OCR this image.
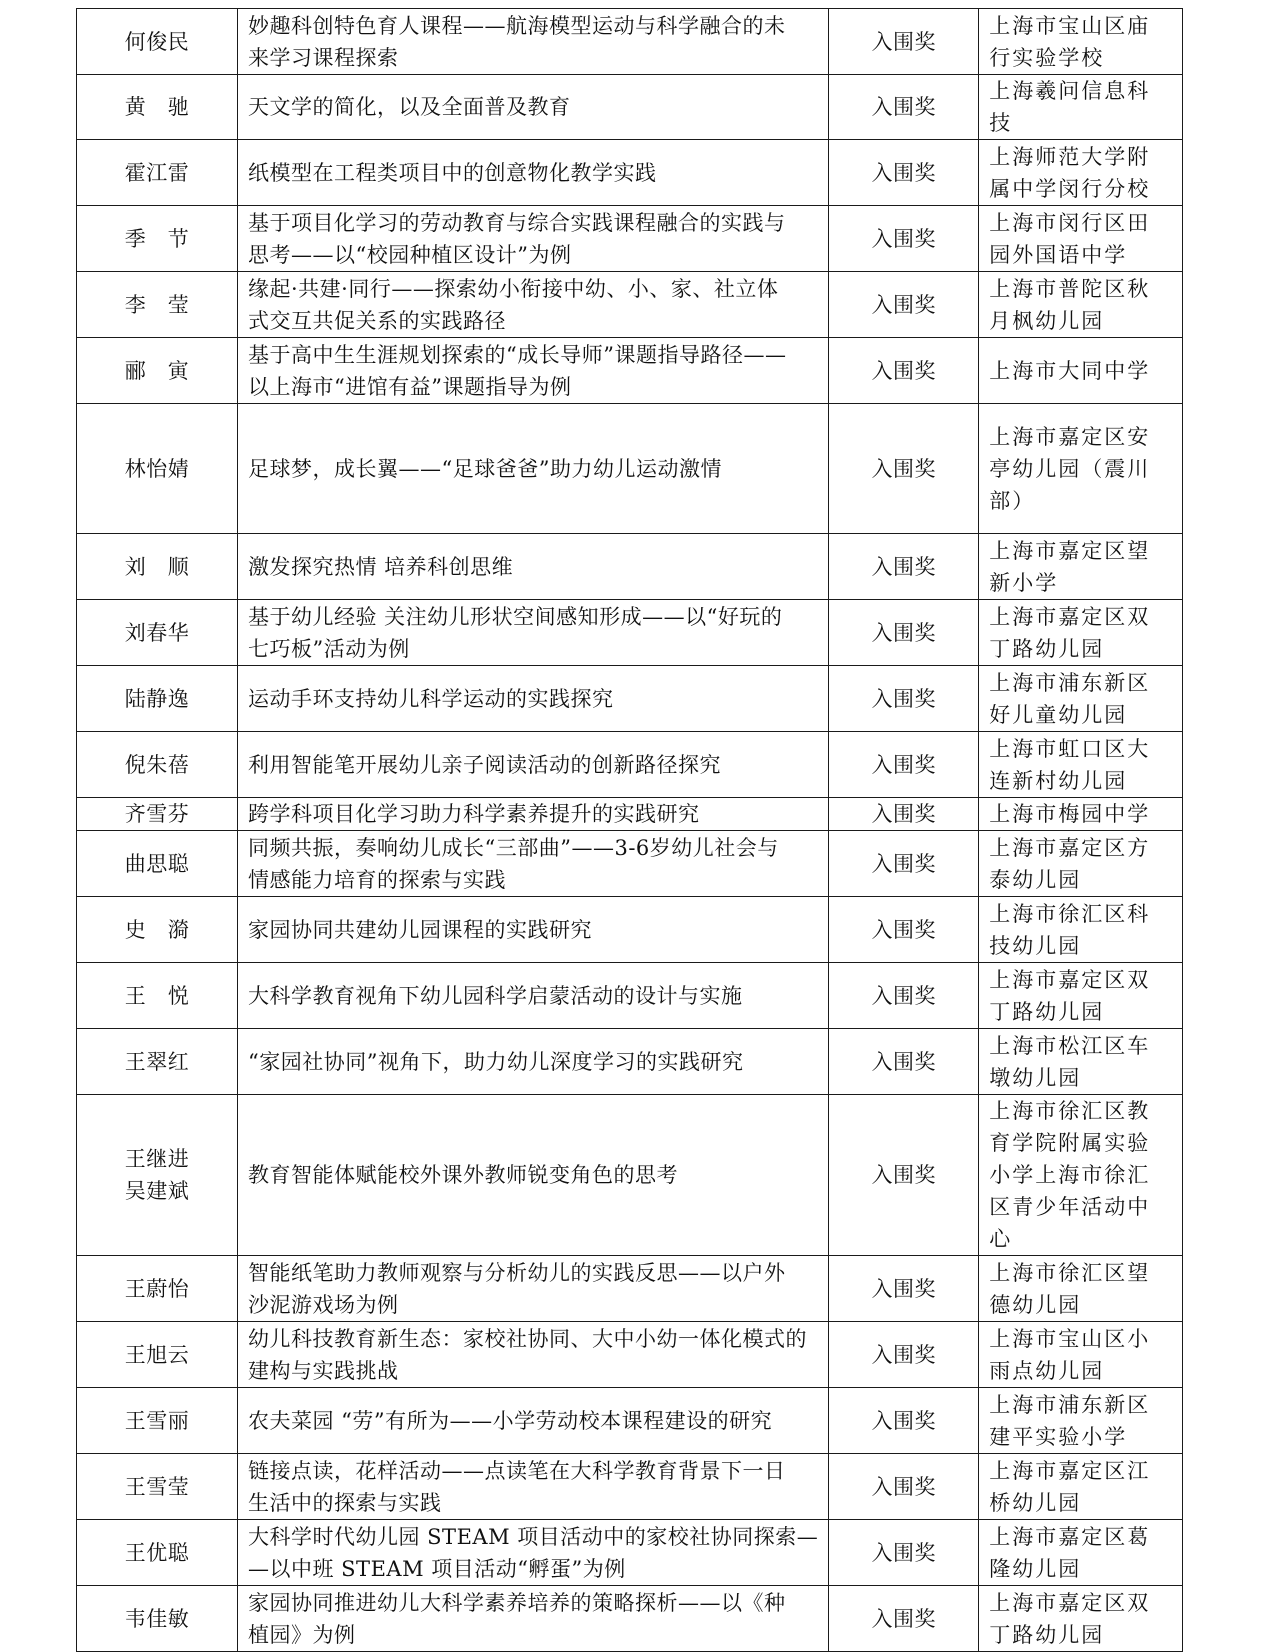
何俊民	妙趣科创特色育人课程——航海模型运动与科学融合的未
来学习课程探索	入围奖	上海市宝山区庙行实验学校

黄　驰	天文学的简化，以及全面普及教育	入围奖	上海羲问信息科技

霍江雷	纸模型在工程类项目中的创意物化教学实践	入围奖	上海师范大学附属中学闵行分校

季　节	基于项目化学习的劳动教育与综合实践课程融合的实践与
思考——以“校园种植区设计”为例	入围奖	上海市闵行区田园外国语中学

李　莹	缘起·共建·同行——探索幼小衔接中幼、小、家、社立体
式交互共促关系的实践路径	入围奖	上海市普陀区秋月枫幼儿园

郦　寅	基于高中生生涯规划探索的“成长导师”课题指导路径——
以上海市“进馆有益”课题指导为例	入围奖	上海市大同中学

林怡婧	足球梦，成长翼——“足球爸爸”助力幼儿运动激情	入围奖	上海市嘉定区安亭幼儿园（震川部）

刘　顺	激发探究热情 培养科创思维	入围奖	上海市嘉定区望新小学

刘春华	基于幼儿经验 关注幼儿形状空间感知形成——以“好玩的
七巧板”活动为例	入围奖	上海市嘉定区双丁路幼儿园

陆静逸	运动手环支持幼儿科学运动的实践探究	入围奖	上海市浦东新区好儿童幼儿园

倪朱蓓	利用智能笔开展幼儿亲子阅读活动的创新路径探究	入围奖	上海市虹口区大连新村幼儿园

齐雪芬	跨学科项目化学习助力科学素养提升的实践研究	入围奖	上海市梅园中学

曲思聪	同频共振，奏响幼儿成长“三部曲”——3-6岁幼儿社会与
情感能力培育的探索与实践	入围奖	上海市嘉定区方泰幼儿园

史　漪	家园协同共建幼儿园课程的实践研究	入围奖	上海市徐汇区科技幼儿园

王　悦	大科学教育视角下幼儿园科学启蒙活动的设计与实施	入围奖	上海市嘉定区双丁路幼儿园

王翠红	“家园社协同”视角下，助力幼儿深度学习的实践研究	入围奖	上海市松江区车墩幼儿园

王继进
吴建斌	教育智能体赋能校外课外教师锐变角色的思考	入围奖	上海市徐汇区教育学院附属实验小学上海市徐汇区青少年活动中心

王蔚怡	智能纸笔助力教师观察与分析幼儿的实践反思——以户外
沙泥游戏场为例	入围奖	上海市徐汇区望德幼儿园

王旭云	幼儿科技教育新生态：家校社协同、大中小幼一体化模式的
建构与实践挑战	入围奖	上海市宝山区小雨点幼儿园

王雪丽	农夫菜园 “劳”有所为——小学劳动校本课程建设的研究	入围奖	上海市浦东新区建平实验小学

王雪莹	链接点读，花样活动——点读笔在大科学教育背景下一日
生活中的探索与实践	入围奖	上海市嘉定区江桥幼儿园

王优聪	大科学时代幼儿园 STEAM 项目活动中的家校社协同探索—
—以中班 STEAM 项目活动“孵蛋”为例	入围奖	上海市嘉定区葛隆幼儿园

韦佳敏	家园协同推进幼儿大科学素养培养的策略探析——以《种
植园》为例	入围奖	上海市嘉定区双丁路幼儿园
